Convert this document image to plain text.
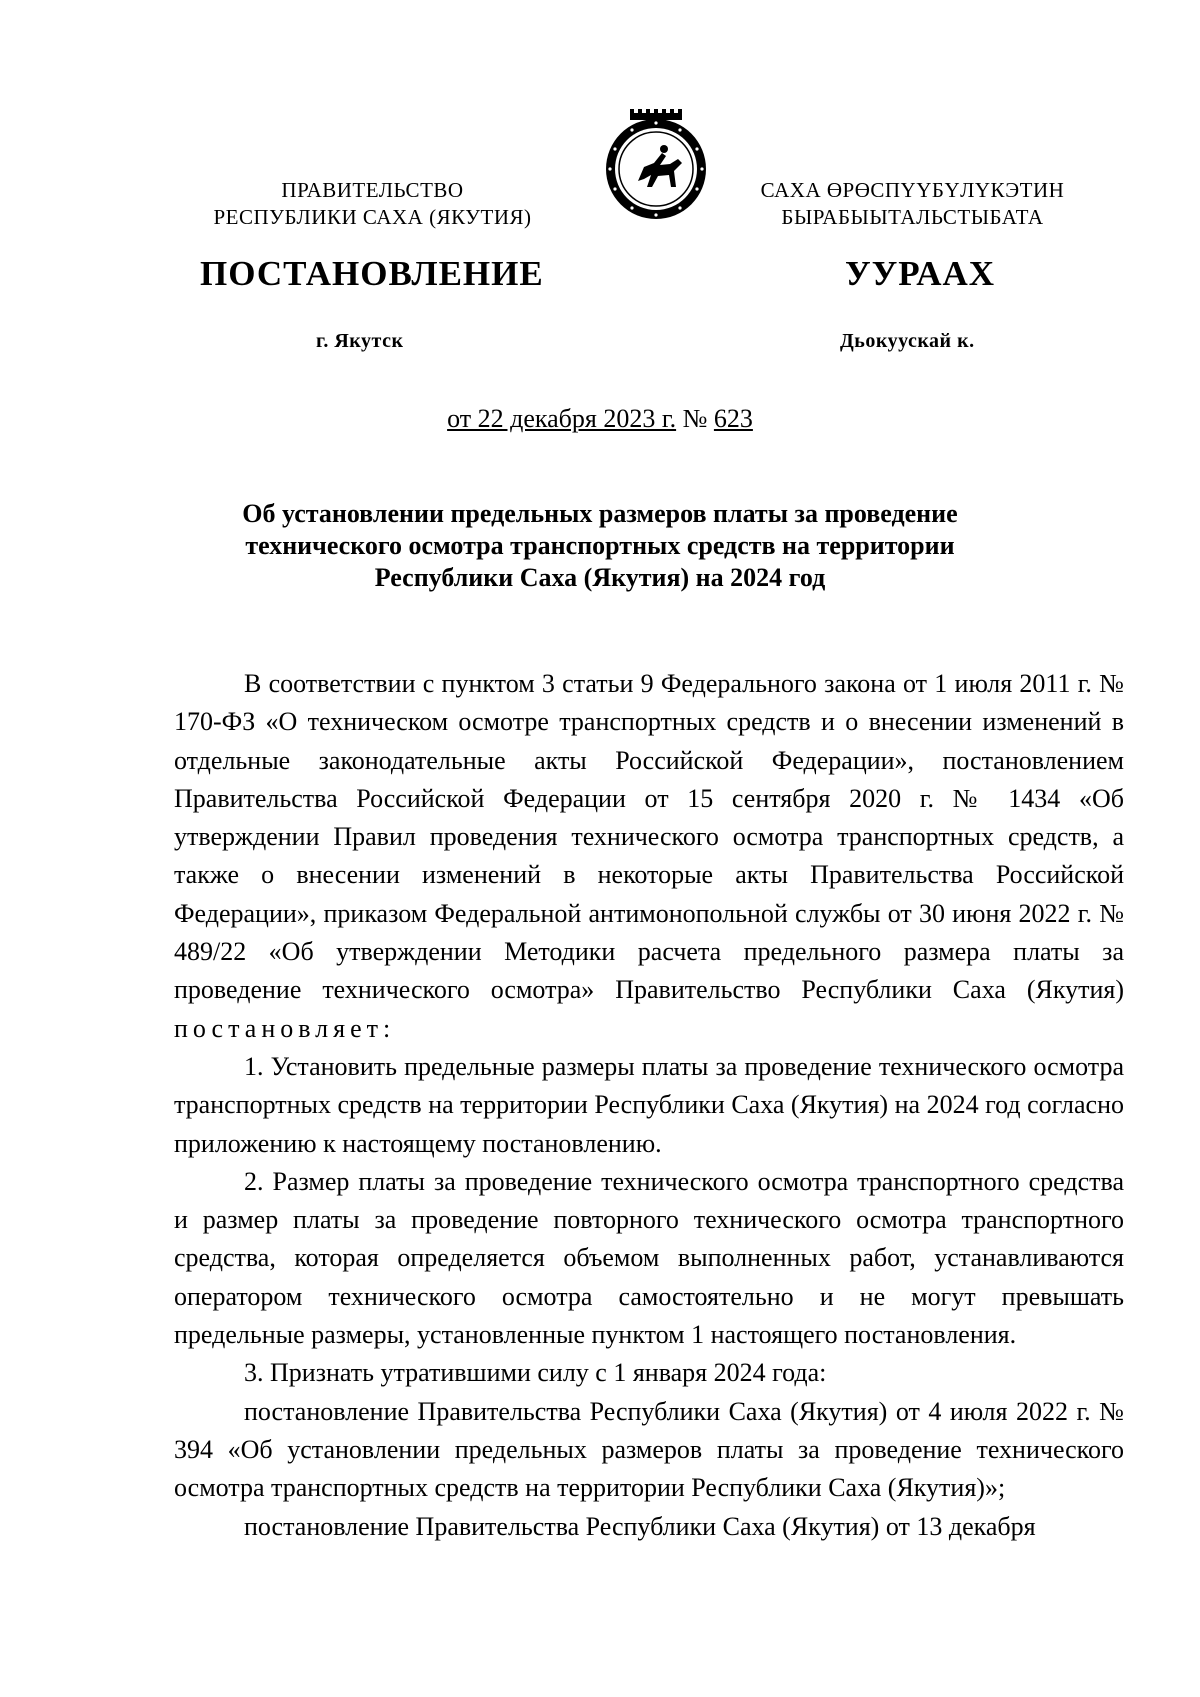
ПРАВИТЕЛЬСТВО
РЕСПУБЛИКИ САХА (ЯКУТИЯ)
САХА ӨРӨСПҮҮБҮЛҮКЭТИН
БЫРАБЫЫТАЛЬСТЫБАТА
ПОСТАНОВЛЕНИЕ	УУРААХ
г. Якутск	Дьокуускай к.
от 22 декабря 2023 г. № 623
Об установлении предельных размеров платы за проведение
технического осмотра транспортных средств на территории
Республики Саха (Якутия) на 2024 год

В соответствии с пунктом 3 статьи 9 Федерального закона от 1 июля 2011 г. № 170-ФЗ «О техническом осмотре транспортных средств и о внесении изменений в отдельные законодательные акты Российской Федерации», постановлением Правительства Российской Федерации от 15 сентября 2020 г. № 1434 «Об утверждении Правил проведения технического осмотра транспортных средств, а также о внесении изменений в некоторые акты Правительства Российской Федерации», приказом Федеральной антимонопольной службы от 30 июня 2022 г. № 489/22 «Об утверждении Методики расчета предельного размера платы за проведение технического осмотра» Правительство Республики Саха (Якутия) постановляет:

1. Установить предельные размеры платы за проведение технического осмотра транспортных средств на территории Республики Саха (Якутия) на 2024 год согласно приложению к настоящему постановлению.

2. Размер платы за проведение технического осмотра транспортного средства и размер платы за проведение повторного технического осмотра транспортного средства, которая определяется объемом выполненных работ, устанавливаются оператором технического осмотра самостоятельно и не могут превышать предельные размеры, установленные пунктом 1 настоящего постановления.

3. Признать утратившими силу с 1 января 2024 года:

постановление Правительства Республики Саха (Якутия) от 4 июля 2022 г. № 394 «Об установлении предельных размеров платы за проведение технического осмотра транспортных средств на территории Республики Саха (Якутия)»;

постановление Правительства Республики Саха (Якутия) от 13 декабря
